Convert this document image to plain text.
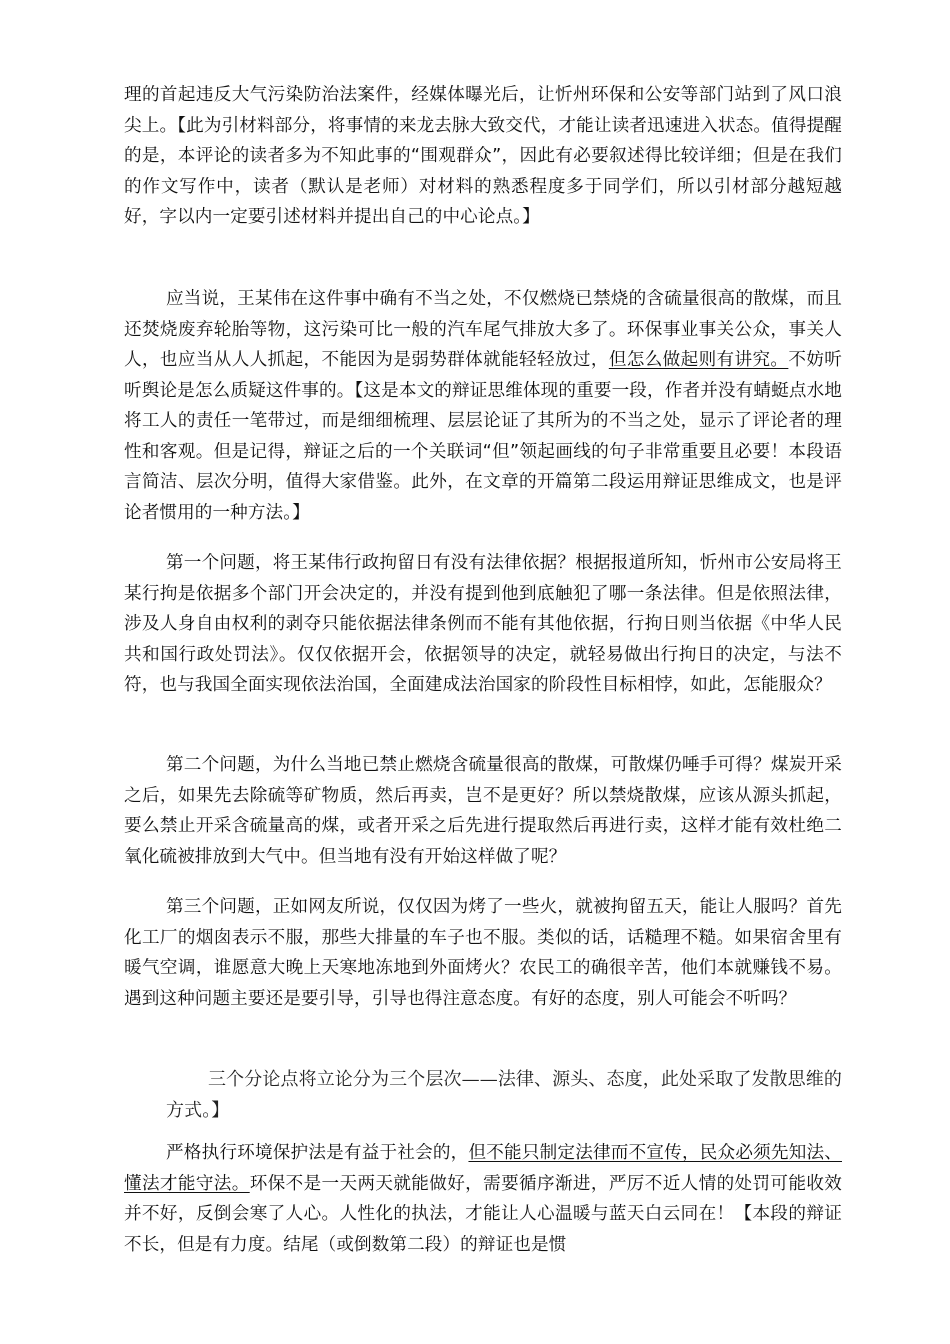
理的首起违反大气污染防治法案件，经媒体曝光后，让忻州环保和公安等部门站到了风口浪尖上。【此为引材料部分，将事情的来龙去脉大致交代，才能让读者迅速进入状态。值得提醒的是，本评论的读者多为不知此事的“围观群众”，因此有必要叙述得比较详细；但是在我们的作文写作中，读者（默认是老师）对材料的熟悉程度多于同学们，所以引材部分越短越好，字以内一定要引述材料并提出自己的中心论点。】

应当说，王某伟在这件事中确有不当之处，不仅燃烧已禁烧的含硫量很高的散煤，而且还焚烧废弃轮胎等物，这污染可比一般的汽车尾气排放大多了。环保事业事关公众，事关人人，也应当从人人抓起，不能因为是弱势群体就能轻轻放过，但怎么做起则有讲究。不妨听听舆论是怎么质疑这件事的。【这是本文的辩证思维体现的重要一段，作者并没有蜻蜓点水地将工人的责任一笔带过，而是细细梳理、层层论证了其所为的不当之处，显示了评论者的理性和客观。但是记得，辩证之后的一个关联词“但”领起画线的句子非常重要且必要！本段语言简洁、层次分明，值得大家借鉴。此外，在文章的开篇第二段运用辩证思维成文，也是评论者惯用的一种方法。】

第一个问题，将王某伟行政拘留日有没有法律依据？根据报道所知，忻州市公安局将王某行拘是依据多个部门开会决定的，并没有提到他到底触犯了哪一条法律。但是依照法律，涉及人身自由权利的剥夺只能依据法律条例而不能有其他依据，行拘日则当依据《中华人民共和国行政处罚法》。仅仅依据开会，依据领导的决定，就轻易做出行拘日的决定，与法不符，也与我国全面实现依法治国，全面建成法治国家的阶段性目标相悖，如此，怎能服众？

第二个问题，为什么当地已禁止燃烧含硫量很高的散煤，可散煤仍唾手可得？煤炭开采之后，如果先去除硫等矿物质，然后再卖，岂不是更好？所以禁烧散煤，应该从源头抓起，要么禁止开采含硫量高的煤，或者开采之后先进行提取然后再进行卖，这样才能有效杜绝二氧化硫被排放到大气中。但当地有没有开始这样做了呢？

第三个问题，正如网友所说，仅仅因为烤了一些火，就被拘留五天，能让人服吗？首先化工厂的烟囱表示不服，那些大排量的车子也不服。类似的话，话糙理不糙。如果宿舍里有暖气空调，谁愿意大晚上天寒地冻地到外面烤火？农民工的确很辛苦，他们本就赚钱不易。遇到这种问题主要还是要引导，引导也得注意态度。有好的态度，别人可能会不听吗？

三个分论点将立论分为三个层次——法律、源头、态度，此处采取了发散思维的方式。】

严格执行环境保护法是有益于社会的，但不能只制定法律而不宣传，民众必须先知法、懂法才能守法。环保不是一天两天就能做好，需要循序渐进，严厉不近人情的处罚可能收效并不好，反倒会寒了人心。人性化的执法，才能让人心温暖与蓝天白云同在！【本段的辩证不长，但是有力度。结尾（或倒数第二段）的辩证也是惯
